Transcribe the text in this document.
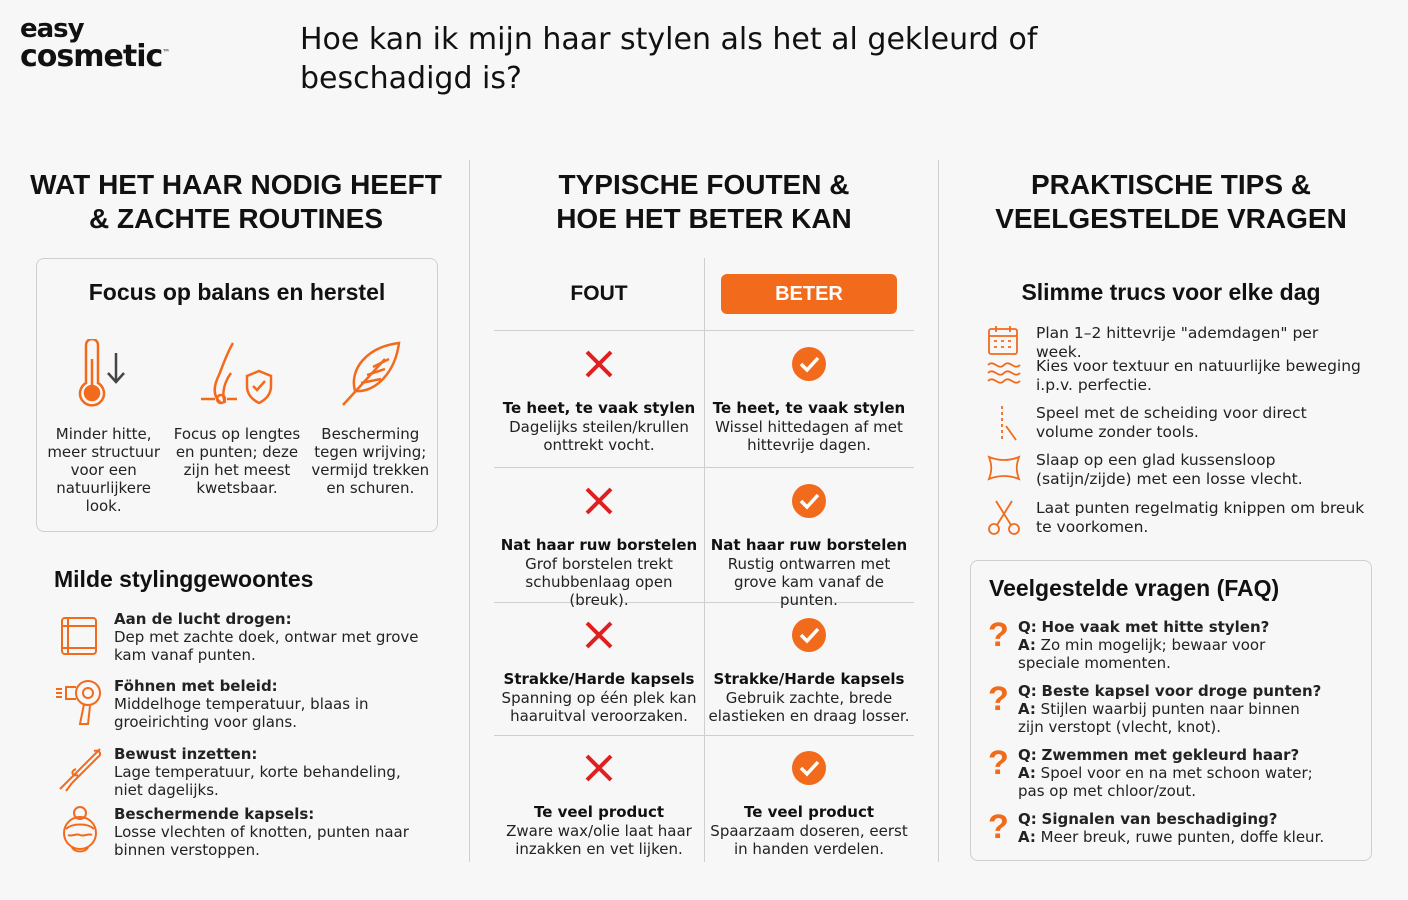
easy
cosmetic™	Hoe kan ik mijn haar stylen als het al gekleurd of beschadigd is?
WAT HET HAAR NODIG HEEFT
& ZACHTE ROUTINES
TYPISCHE FOUTEN &
HOE HET BETER KAN
PRAKTISCHE TIPS &
VEELGESTELDE VRAGEN
Focus op balans en herstel
Minder hitte, meer structuur voor een natuurlijkere look.
Focus op lengtes en punten; deze zijn het meest kwetsbaar.
Bescherming tegen wrijving; vermijd trekken en schuren.
Milde stylinggewoontes
Aan de lucht drogen:
Dep met zachte doek, ontwar met grove kam vanaf punten.
Föhnen met beleid:
Middelhoge temperatuur, blaas in groeirichting voor glans.
Bewust inzetten:
Lage temperatuur, korte behandeling, niet dagelijks.
Beschermende kapsels:
Losse vlechten of knotten, punten naar binnen verstoppen.
FOUT	BETER
Te heet, te vaak stylen
Dagelijks steilen/krullen onttrekt vocht.
Te heet, te vaak stylen
Wissel hittedagen af met hittevrije dagen.
Nat haar ruw borstelen
Grof borstelen trekt schubbenlaag open (breuk).
Nat haar ruw borstelen
Rustig ontwarren met grove kam vanaf de punten.
Strakke/Harde kapsels
Spanning op één plek kan haaruitval veroorzaken.
Strakke/Harde kapsels
Gebruik zachte, brede elastieken en draag losser.
Te veel product
Zware wax/olie laat haar inzakken en vet lijken.
Te veel product
Spaarzaam doseren, eerst in handen verdelen.
Slimme trucs voor elke dag
Plan 1–2 hittevrije "ademdagen" per week.
Kies voor textuur en natuurlijke beweging i.p.v. perfectie.
Speel met de scheiding voor direct volume zonder tools.
Slaap op een glad kussensloop (satijn/zijde) met een losse vlecht.
Laat punten regelmatig knippen om breuk te voorkomen.
Veelgestelde vragen (FAQ)
? Q: Hoe vaak met hitte stylen?
A: Zo min mogelijk; bewaar voor speciale momenten.
? Q: Beste kapsel voor droge punten?
A: Stijlen waarbij punten naar binnen zijn verstopt (vlecht, knot).
? Q: Zwemmen met gekleurd haar?
A: Spoel voor en na met schoon water; pas op met chloor/zout.
? Q: Signalen van beschadiging?
A: Meer breuk, ruwe punten, doffe kleur.
